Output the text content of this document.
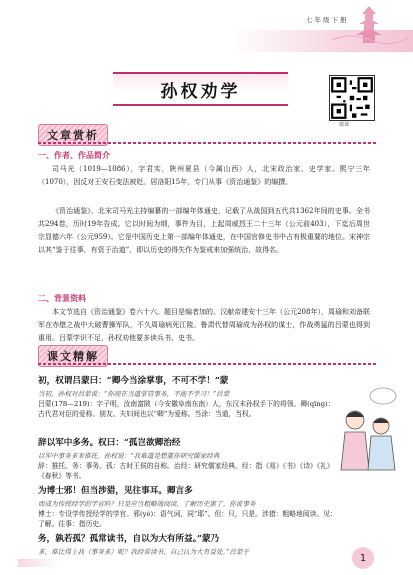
七年级下册
孙权劝学
微课
文章赏析
一、作者、作品简介
司马光（1019—1086），字君实，陕州夏县（今属山西）人，北宋政治家、史学家。熙宁三年（1070），因反对王安石变法被贬。居洛阳15年，专门从事《资治通鉴》的编撰。
《资治通鉴》，北宋司马光主持编纂的一部编年体通史，记载了从战国到五代共1362年间的史事。全书共294卷，历时19年告成。它以时间为纲，事件为目，上起周威烈王二十三年（公元前403），下迄后周世宗显德六年（公元959）。它是中国历史上第一部编年体通史，在中国官修史书中占有极重要的地位。宋神宗以其“鉴于往事，有资于治道”，即以历史的得失作为鉴戒来加强统治，故得名。
二、背景资料
本文节选自《资治通鉴》卷六十六。题目是编者加的。汉献帝建安十三年（公元208年），周瑜和刘备联军在赤壁之战中大破曹操军队，不久周瑜病死江陵。鲁肃代替周瑜成为孙权的谋士，作战勇猛的吕蒙也得到重用。吕蒙学识不足，孙权劝他要多读兵书、史书。
课文精解
初，权谓吕蒙曰：“卿今当涂掌事，不可不学！”蒙
当初，孙权对吕蒙说：“你现在当道掌管事务，不能不学习！”吕蒙
吕蒙(178—219)：字子明，汝南富陂（今安徽阜南东南）人，东汉末孙权手下的将领。卿(qīng)：古代君对臣的爱称。朋友、夫妇间也以“卿”为爱称。当涂：当道，当权。
辞以军中多务。权曰：“孤岂欲卿治经
以军中事务多来推托。孙权说：“我难道是想要你研究儒家经典
辞：推托。务：事务。孤：古时王侯的自称。治经：研究儒家经典。经：指《易》《书》《诗》《礼》《春秋》等书。
为博士邪！但当涉猎，见往事耳。卿言多
而成为传授经学的学官吗？只是应当粗略地阅读，了解历史罢了。你说事务
博士：专设学传授经学的学官。邪(yé)：语气词，同“耶”。但：只，只是。涉猎：粗略地阅读。见：了解。往事：指历史。
务，孰若孤？孤常读书，自以为大有所益。”蒙乃
多，谁比得上我（事务多）呢？我经常读书，自己认为大有益处。”吕蒙于
1
